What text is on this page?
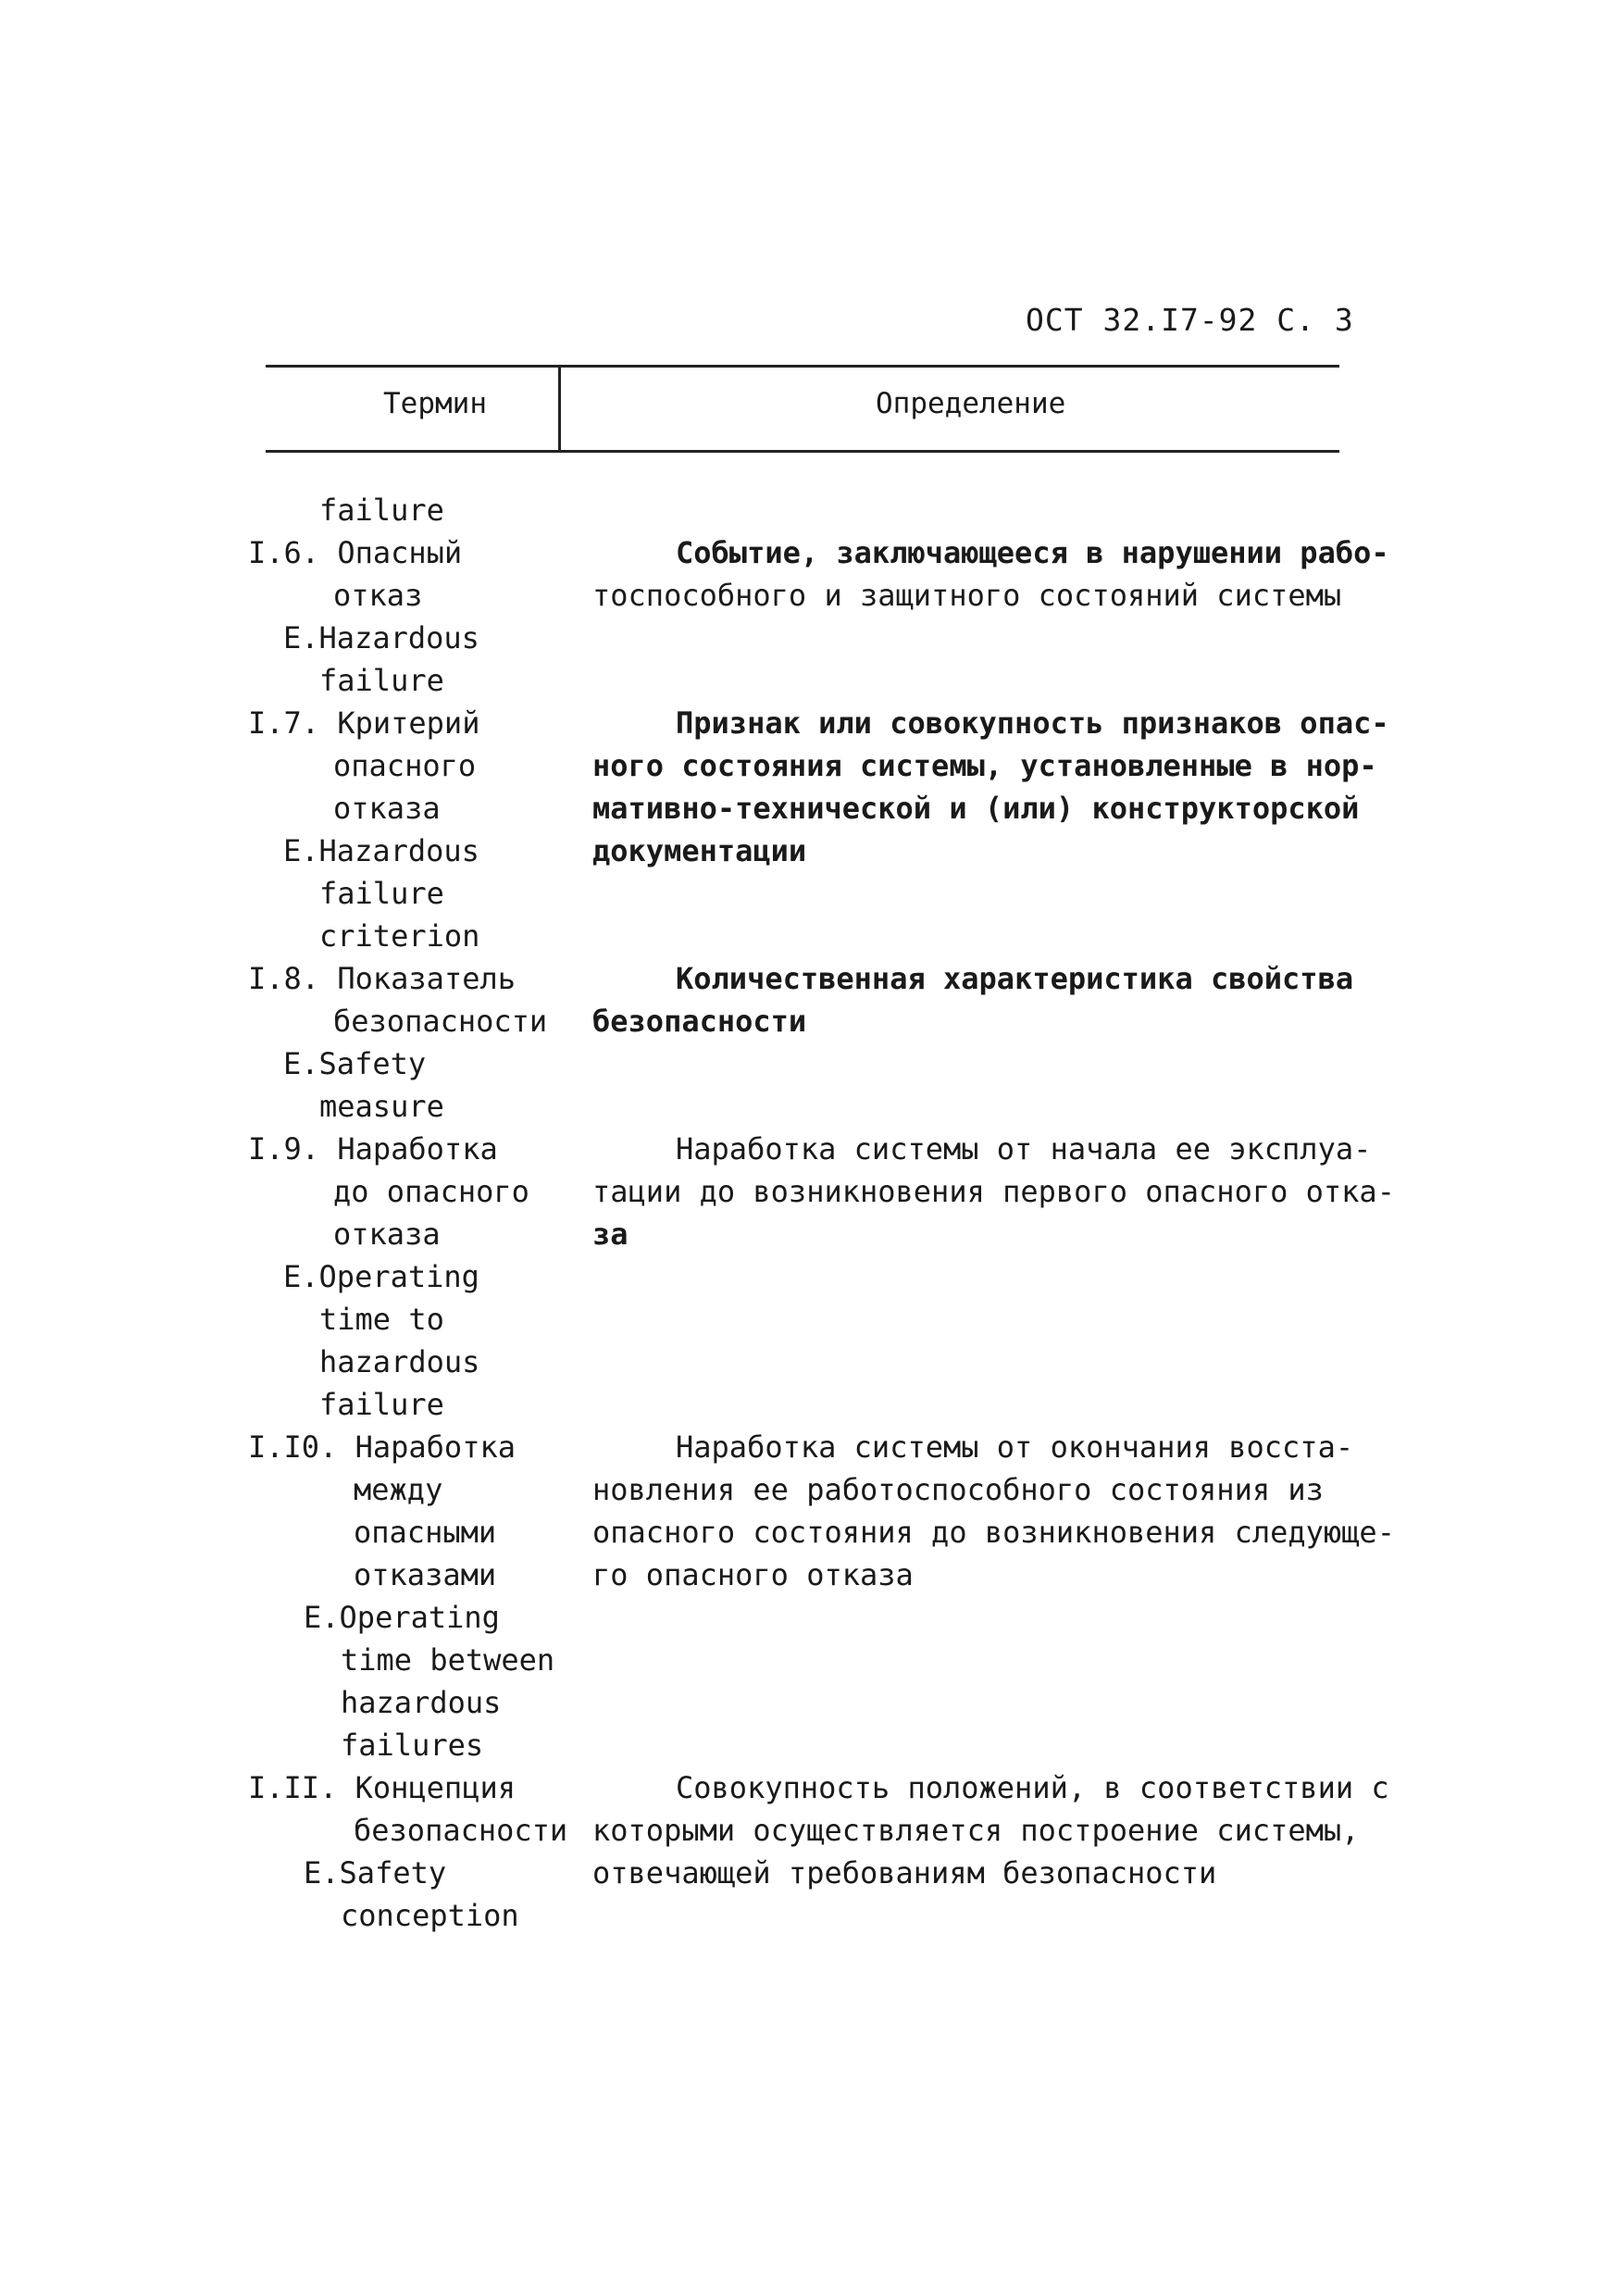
ОСТ 32.I7-92 С. 3
Термин	Определение
failure
I.6. Опасный
отказ
E.Hazardous
failure
Событие, заключающееся в нарушении рабо-
тоспособного и защитного состояний системы
I.7. Критерий
опасного
отказа
E.Hazardous
failure
criterion
Признак или совокупность признаков опас-
ного состояния системы, установленные в нор-
мативно-технической и (или) конструкторской
документации
I.8. Показатель
безопасности
E.Safety
measure
Количественная характеристика свойства
безопасности
I.9. Наработка
до опасного
отказа
E.Operating
time to
hazardous
failure
Наработка системы от начала ее эксплуа-
тации до возникновения первого опасного отка-
за
I.I0. Наработка
между
опасными
отказами
E.Operating
time between
hazardous
failures
Наработка системы от окончания восста-
новления ее работоспособного состояния из
опасного состояния до возникновения следующе-
го опасного отказа
I.II. Концепция
безопасности
E.Safety
conception
Совокупность положений, в соответствии с
которыми осуществляется построение системы,
отвечающей требованиям безопасности
